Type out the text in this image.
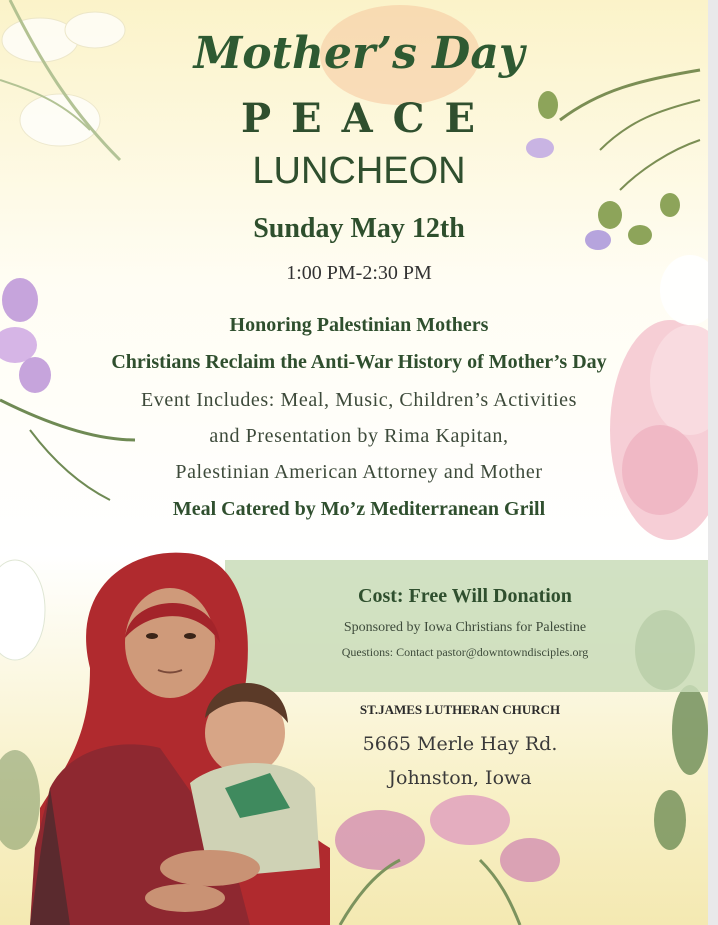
Mother’s Day
PEACE
LUNCHEON
Sunday May 12th
1:00 PM-2:30 PM
Honoring Palestinian Mothers
Christians Reclaim the Anti-War History of Mother’s Day
Event Includes: Meal, Music, Children’s Activities
and Presentation by Rima Kapitan,
Palestinian American Attorney and Mother
Meal Catered by Mo’z Mediterranean Grill
Cost: Free Will Donation
Sponsored by Iowa Christians for Palestine
Questions: Contact pastor@downtowndisciples.org
ST.JAMES LUTHERAN CHURCH
5665 Merle Hay Rd.
Johnston, Iowa
